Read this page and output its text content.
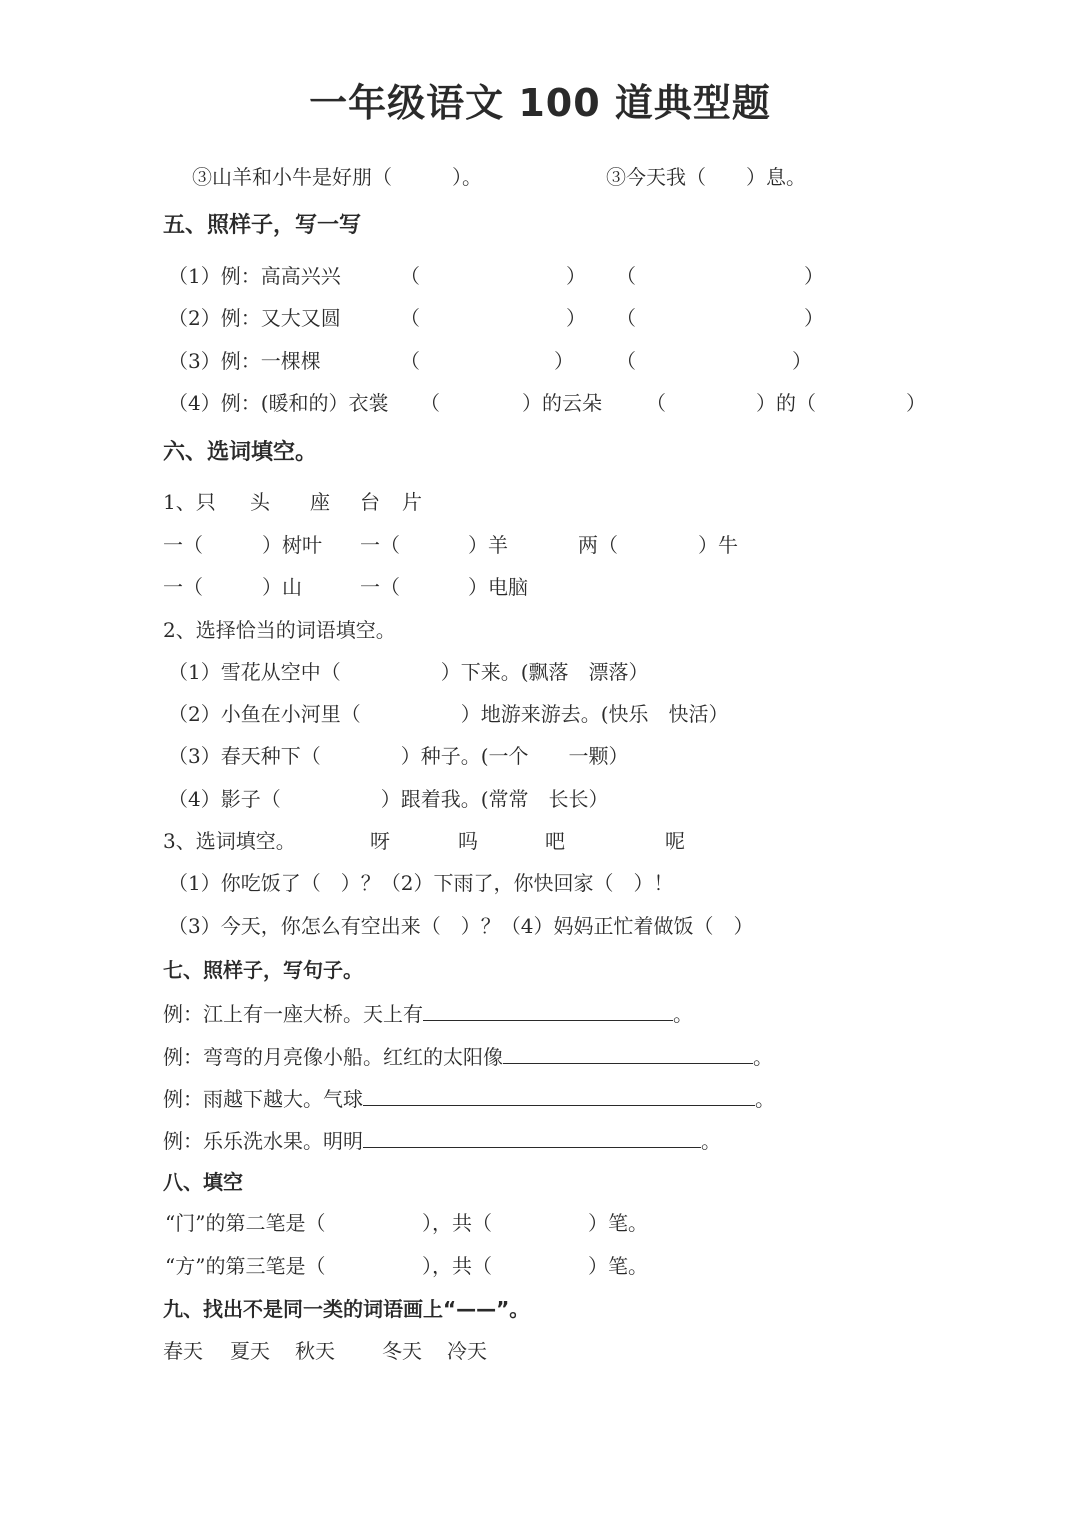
一年级语文 100 道典型题
③山羊和小牛是好朋（　　　）。	③今天我（　　）息。
五、照样子，写一写
（1）例：高高兴兴	（	） （	）
（2）例：又大又圆	（	） （	）
（3）例：一棵棵	（	） （	）
（4）例：(暖和的）衣裳 （	）的云朵 （	）的（	）
六、选词填空。
1、只 头 座 台 片
一（	）树叶 一（	）羊	两（	）牛
一（	）山	一（	）电脑
2、选择恰当的词语填空。
（1）雪花从空中（　　　　　）下来。(飘落　漂落）
（2）小鱼在小河里（　　　　　）地游来游去。(快乐　快活）
（3）春天种下（　　　　）种子。(一个　　一颗）
（4）影子（　　　　　）跟着我。(常常　长长）
3、选词填空。	呀	吗	吧	呢
（1）你吃饭了（　）？（2）下雨了，你快回家（　）！
（3）今天，你怎么有空出来（　）？（4）妈妈正忙着做饭（　）
七、照样子，写句子。
例：江上有一座大桥。天上有	。
例：弯弯的月亮像小船。红红的太阳像	。
例：雨越下越大。气球	。
例：乐乐洗水果。明明	。
八、填空
“门”的第二笔是（	），共（	）笔。
“方”的第三笔是（	），共（	）笔。
九、找出不是同一类的词语画上“——”。
春天 夏天 秋天 冬天 冷天
